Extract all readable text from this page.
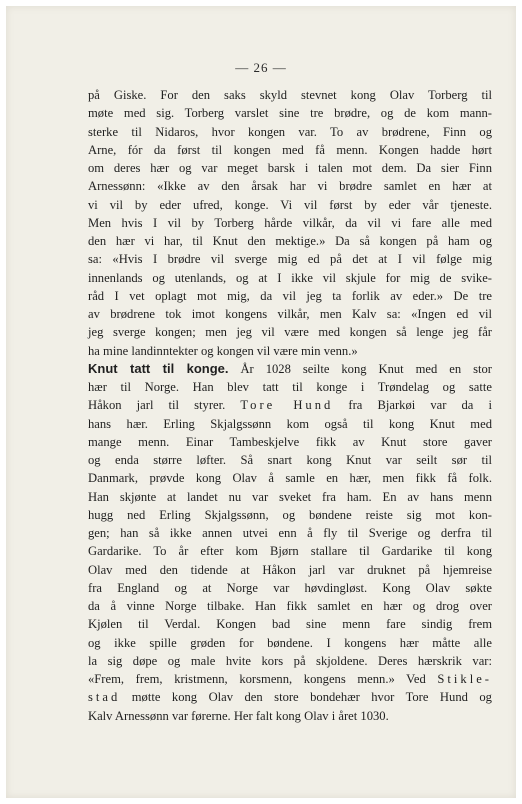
— 26 —
på Giske. For den saks skyld stevnet kong Olav Torberg til
møte med sig. Torberg varslet sine tre brødre, og de kom mann-
sterke til Nidaros, hvor kongen var. To av brødrene, Finn og
Arne, fór da først til kongen med få menn. Kongen hadde hørt
om deres hær og var meget barsk i talen mot dem. Da sier Finn
Arnessønn: «Ikke av den årsak har vi brødre samlet en hær at
vi vil by eder ufred, konge. Vi vil først by eder vår tjeneste.
Men hvis I vil by Torberg hårde vilkår, da vil vi fare alle med
den hær vi har, til Knut den mektige.» Da så kongen på ham og
sa: «Hvis I brødre vil sverge mig ed på det at I vil følge mig
innenlands og utenlands, og at I ikke vil skjule for mig de svike-
råd I vet oplagt mot mig, da vil jeg ta forlik av eder.» De tre
av brødrene tok imot kongens vilkår, men Kalv sa: «Ingen ed vil
jeg sverge kongen; men jeg vil være med kongen så lenge jeg får
ha mine landinntekter og kongen vil være min venn.»
Knut tatt til konge. År 1028 seilte kong Knut med en stor
hær til Norge. Han blev tatt til konge i Trøndelag og satte
Håkon jarl til styrer. Tore Hund fra Bjarkøi var da i
hans hær. Erling Skjalgssønn kom også til kong Knut med
mange menn. Einar Tambeskjelve fikk av Knut store gaver
og enda større løfter. Så snart kong Knut var seilt sør til
Danmark, prøvde kong Olav å samle en hær, men fikk få folk.
Han skjønte at landet nu var sveket fra ham. En av hans menn
hugg ned Erling Skjalgssønn, og bøndene reiste sig mot kon-
gen; han så ikke annen utvei enn å fly til Sverige og derfra til
Gardarike. To år efter kom Bjørn stallare til Gardarike til kong
Olav med den tidende at Håkon jarl var druknet på hjemreise
fra England og at Norge var høvdingløst. Kong Olav søkte
da å vinne Norge tilbake. Han fikk samlet en hær og drog over
Kjølen til Verdal. Kongen bad sine menn fare sindig frem
og ikke spille grøden for bøndene. I kongens hær måtte alle
la sig døpe og male hvite kors på skjoldene. Deres hærskrik var:
«Frem, frem, kristmenn, korsmenn, kongens menn.» Ved Stikle-
stad møtte kong Olav den store bondehær hvor Tore Hund og
Kalv Arnessønn var førerne. Her falt kong Olav i året 1030.
